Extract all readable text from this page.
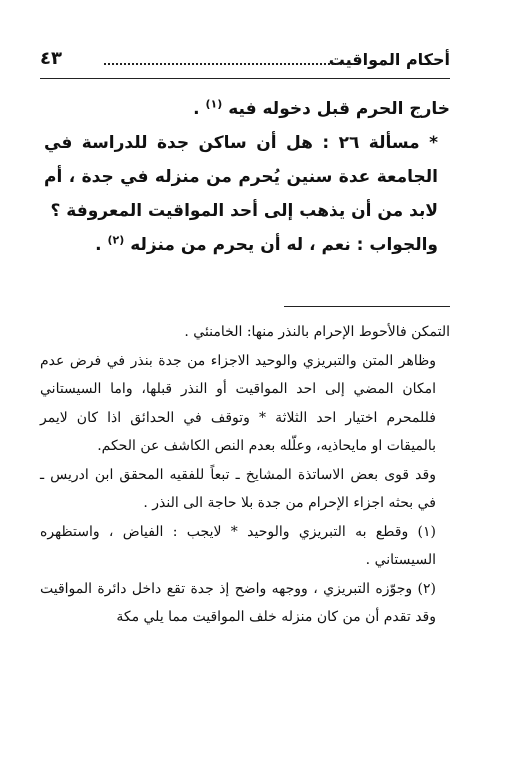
أحكام المواقيت
٤٣

خارج الحرم قبل دخوله فيه $^{(١)}$ .

* مسألة ٢٦ : هل أن ساكن جدة للدراسة في الجامعة عدة سنين يُحرم من منزله في جدة ، أم لابد من أن يذهب إلى أحد المواقيت المعروفة ؟

والجواب : نعم ، له أن يحرم من منزله $^{(٢)}$ .

التمكن فالأحوط الإحرام بالنذر منها: الخامنئي .

وظاهر المتن والتبريزي والوحيد الاجزاء من جدة بنذر في فرض عدم امكان المضي إلى احد المواقيت أو النذر قبلها، واما السيستاني فللمحرم اختيار احد الثلاثة * وتوقف في الحدائق اذا كان لايمر بالميقات او مايحاذيه، وعلّله بعدم النص الكاشف عن الحكم.

وقد قوى بعض الاساتذة المشايخ ـ تبعاً للفقيه المحقق ابن ادريس ـ في بحثه اجزاء الإحرام من جدة بلا حاجة الى النذر .

(١) وقطع به التبريزي والوحيد * لايجب : الفياض ، واستظهره السيستاني .

(٢) وجوّزه التبريزي ، ووجهه واضح إذ جدة تقع داخل دائرة المواقيت وقد تقدم أن من كان منزله خلف المواقيت مما يلي مكة
